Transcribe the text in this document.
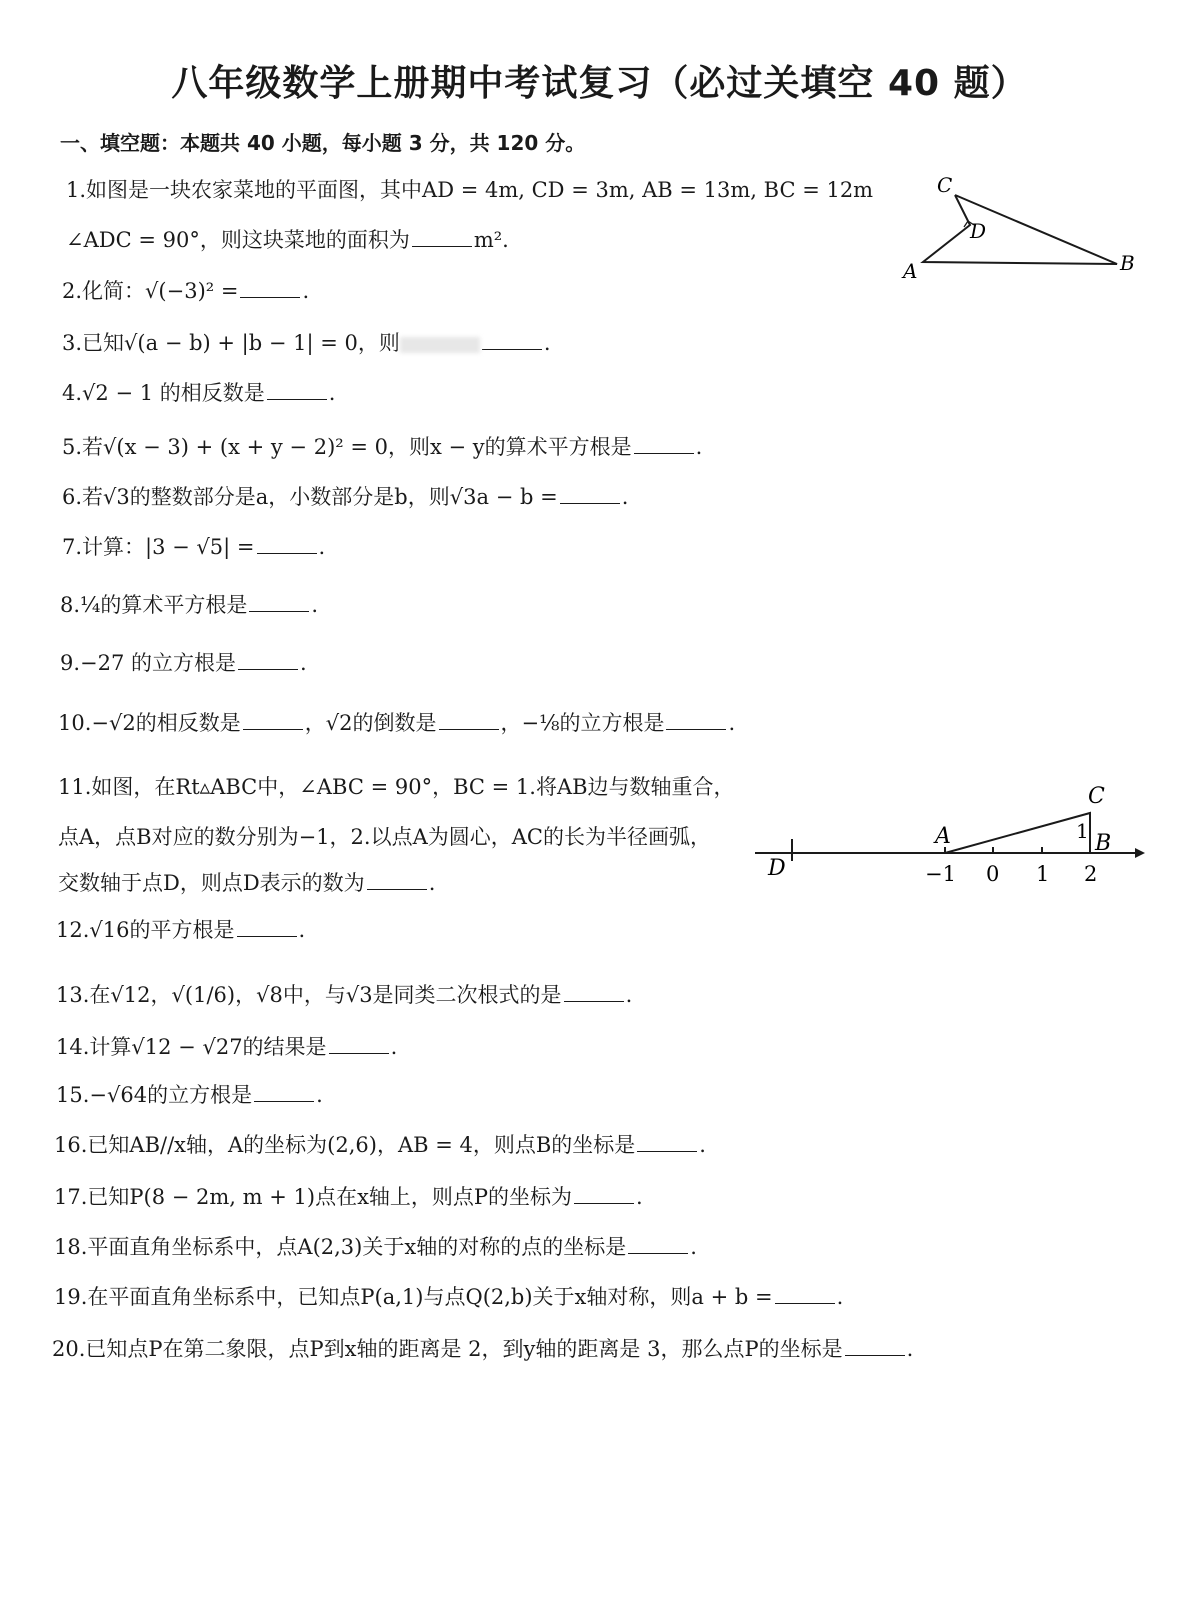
八年级数学上册期中考试复习（必过关填空 40 题）
一、填空题：本题共 40 小题，每小题 3 分，共 120 分。
1.如图是一块农家菜地的平面图，其中AD = 4m, CD = 3m, AB = 13m, BC = 12m
∠ADC = 90°，则这块菜地的面积为	m².
C
D
A	B
2.化简：√(−3)² =	.
3.已知√(a − b) + |b − 1| = 0，则	.
4.√2 − 1 的相反数是	.
5.若√(x − 3) + (x + y − 2)² = 0，则x − y的算术平方根是	.
6.若√3的整数部分是a，小数部分是b，则√3a − b =	.
7.计算：|3 − √5| =	.
8.¼的算术平方根是	.
9.−27 的立方根是	.
10.−√2的相反数是	，√2的倒数是	，−⅛的立方根是	.
11.如图，在Rt▵ABC中，∠ABC = 90°，BC = 1.将AB边与数轴重合，
点A，点B对应的数分别为−1，2.以点A为圆心，AC的长为半径画弧，
交数轴于点D，则点D表示的数为	.
C
A	B
D
1
−1 0 1 2
12.√16的平方根是	.
13.在√12，√(1/6)，√8中，与√3是同类二次根式的是	.
14.计算√12 − √27的结果是	.
15.−√64的立方根是	.
16.已知AB//x轴，A的坐标为(2,6)，AB = 4，则点B的坐标是	.
17.已知P(8 − 2m, m + 1)点在x轴上，则点P的坐标为	.
18.平面直角坐标系中，点A(2,3)关于x轴的对称的点的坐标是	.
19.在平面直角坐标系中，已知点P(a,1)与点Q(2,b)关于x轴对称，则a + b =	.
20.已知点P在第二象限，点P到x轴的距离是 2，到y轴的距离是 3，那么点P的坐标是	.
